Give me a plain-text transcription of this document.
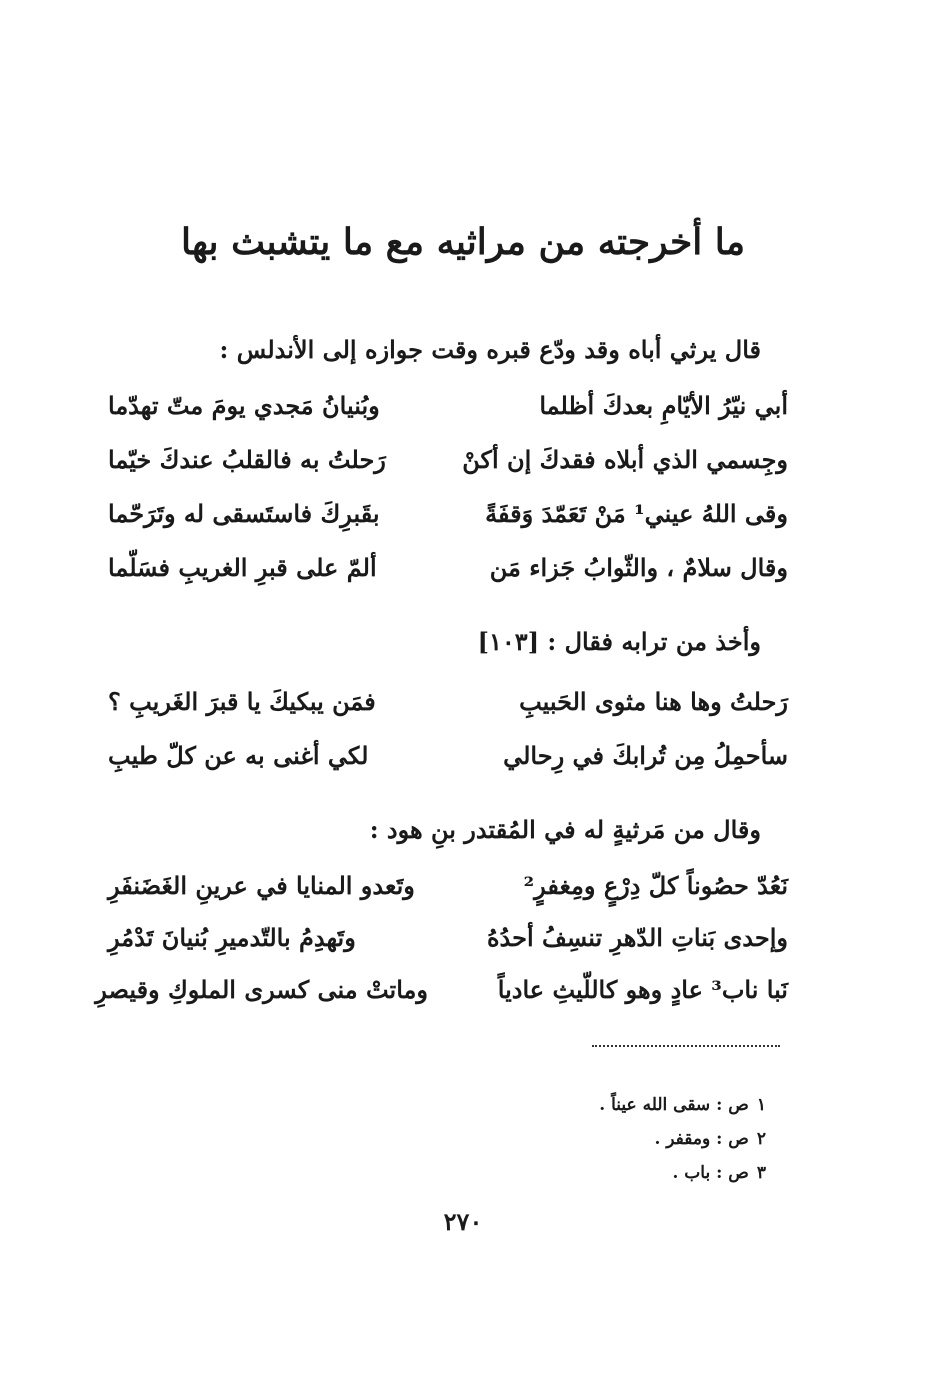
ما أخرجته من مراثيه مع ما يتشبث بها
قال يرثي أباه وقد ودّع قبره وقت جوازه إلى الأندلس :
أبي نيّرُ الأيّامِ بعدكَ أظلما
وبُنيانُ مَجدي يومَ متّ تهدّما
وجِسمي الذي أبلاه فقدكَ إن أكنْ
رَحلتُ به فالقلبُ عندكَ خيّما
وقى اللهُ عيني¹ مَنْ تَعَمّدَ وَقفَةً
بقَبرِكَ فاستَسقى له وتَرَحّما
وقال سلامٌ ، والثّوابُ جَزاء مَن
ألمّ على قبرِ الغريبِ فسَلّما
وأخذ من ترابه فقال : [١٠٣]
رَحلتُ وها هنا مثوى الحَبيبِ
فمَن يبكيكَ يا قبرَ الغَريبِ ؟
سأحمِلُ مِن تُرابكَ في رِحالي
لكي أغنى به عن كلّ طيبِ
وقال من مَرثيةٍ له في المُقتدر بنِ هود :
نَعُدّ حصُوناً كلّ دِرْعٍ ومِغفرٍ²
وتَعدو المنايا في عرينِ الغَضَنفَرِ
وإحدى بَناتِ الدّهرِ تنسِفُ أحدُهُ
وتَهدِمُ بالتّدميرِ بُنيانَ تَدْمُرِ
نَبا ناب³ عادٍ وهو كاللّيثِ عادياً
وماتتْ منى كسرى الملوكِ وقيصرِ
١ص : سقى الله عيناً .
٢ص : ومقفر .
٣ص : باب .
٢٧٠
